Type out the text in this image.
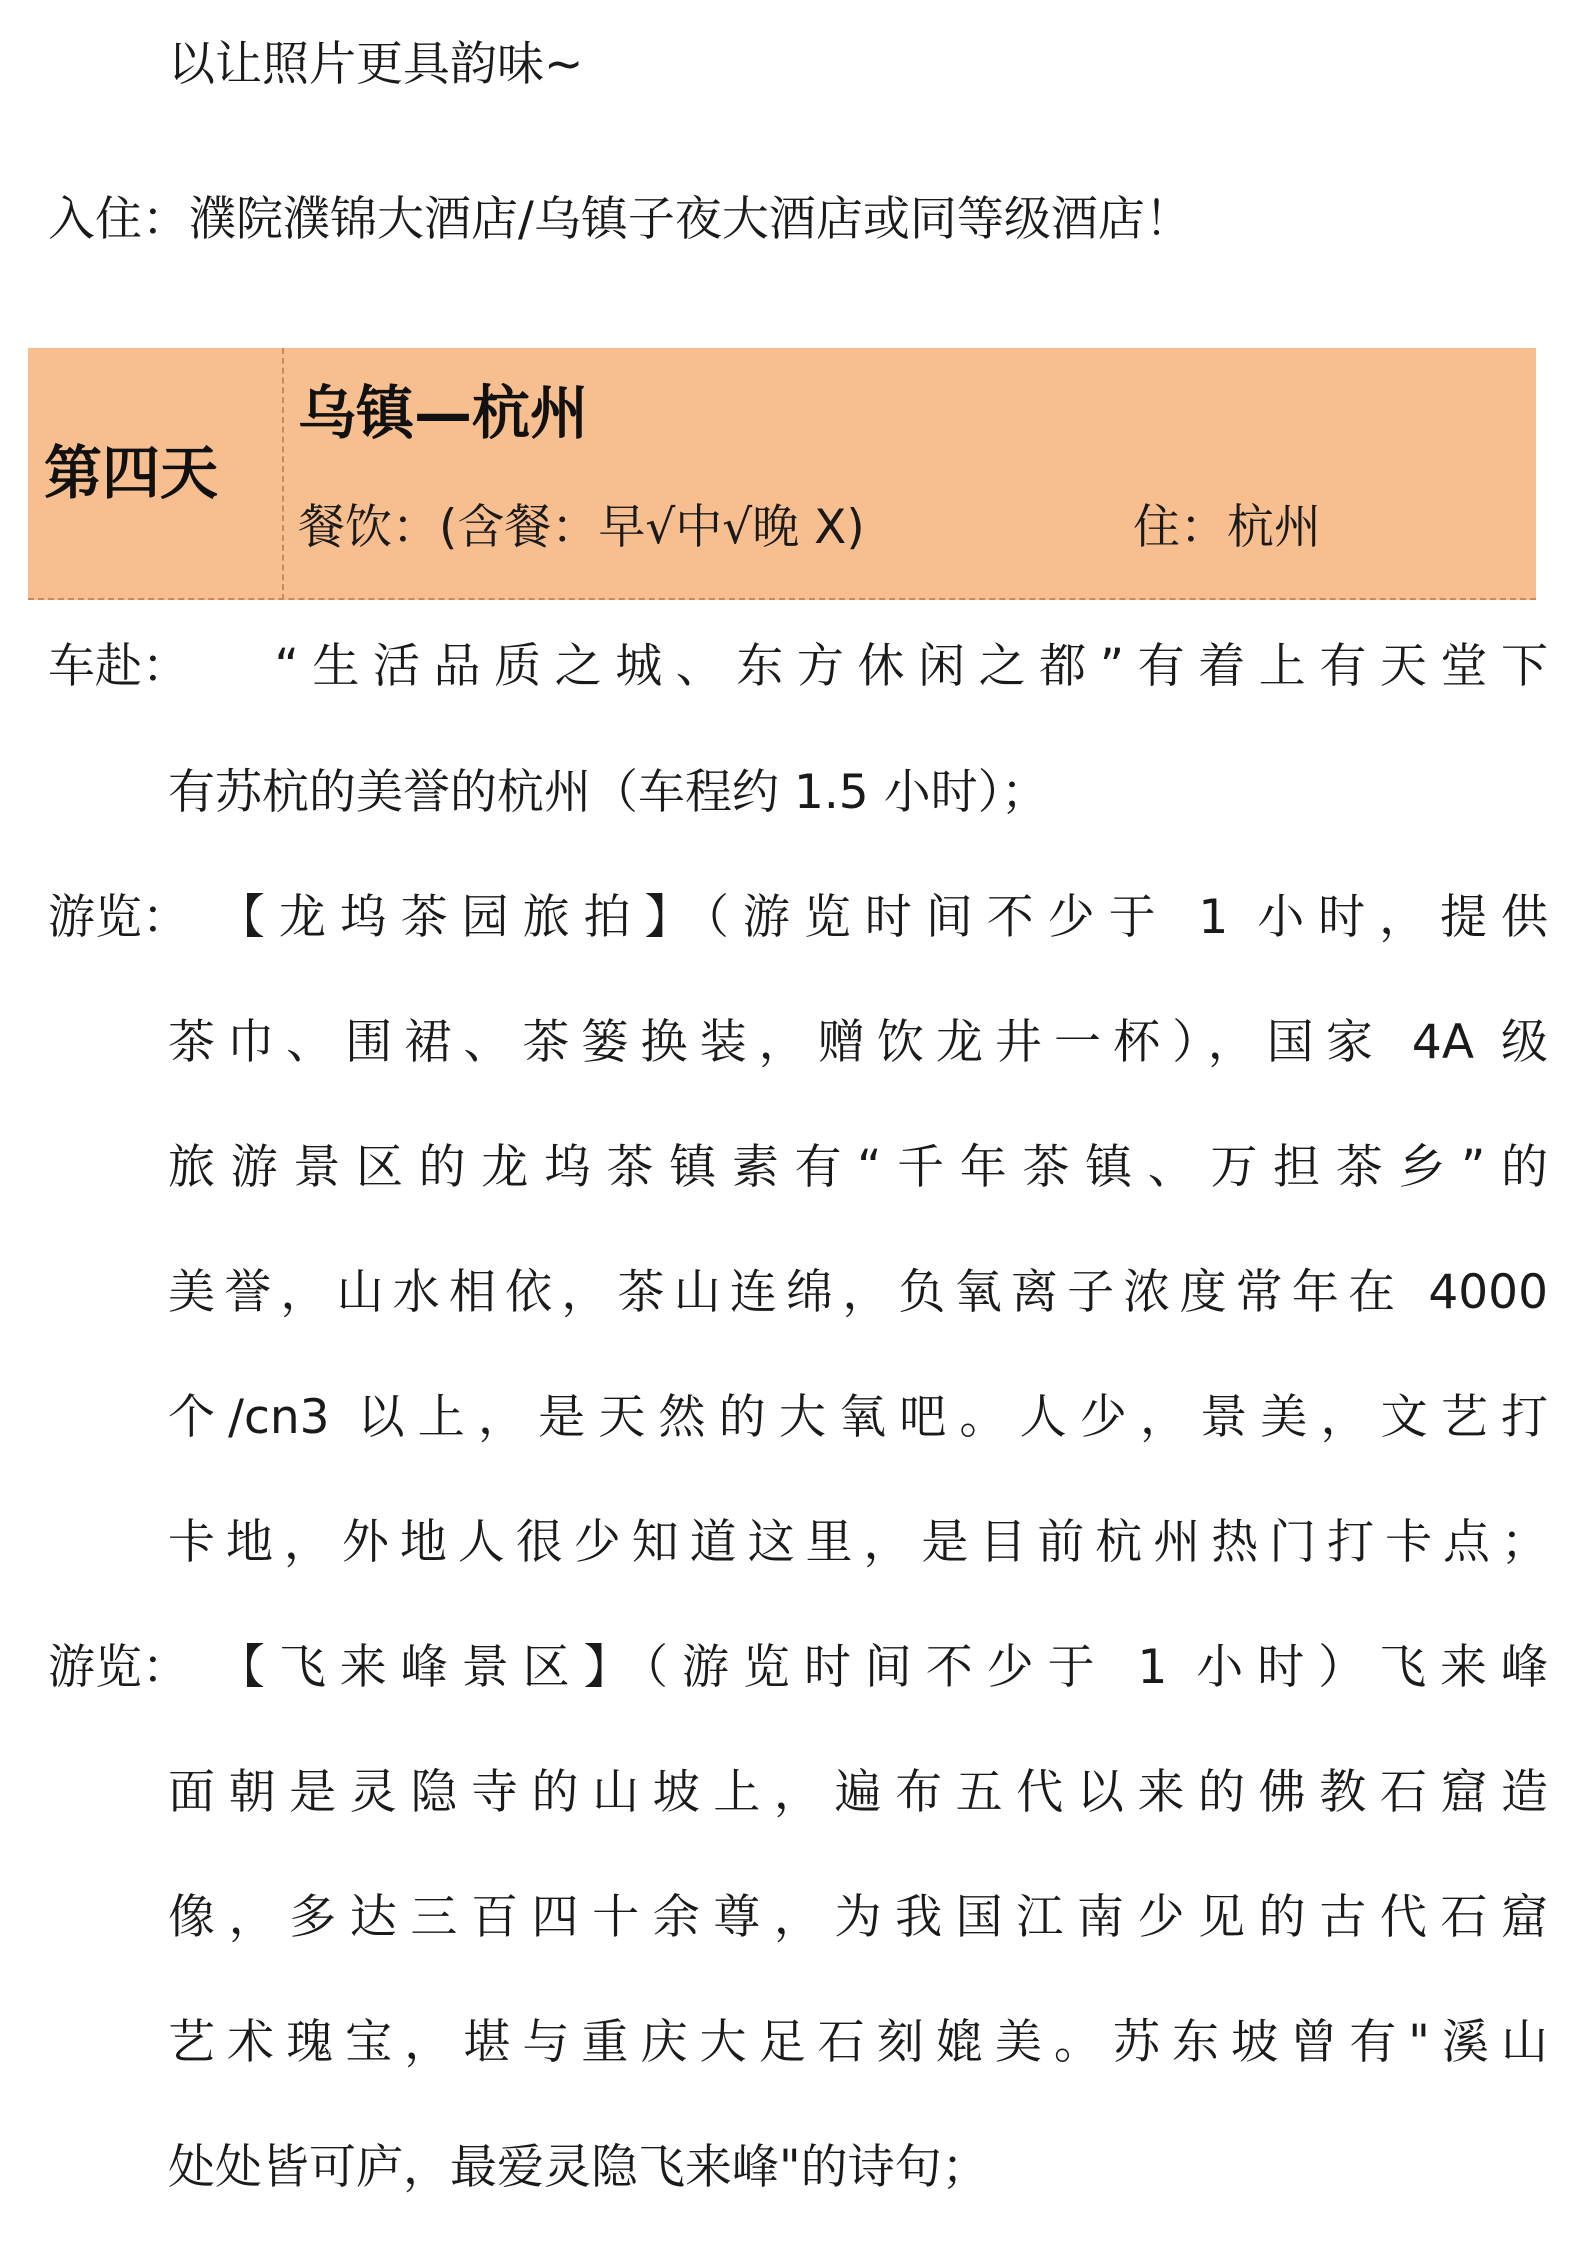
以让照片更具韵味~
入住：濮院濮锦大酒店/乌镇子夜大酒店或同等级酒店！
第四天
乌镇—杭州
餐饮：(含餐：早√中√晚 X)	住：杭州
车赴： “生活品质之城、东方休闲之都”有着上有天堂下
有苏杭的美誉的杭州（车程约 1.5 小时）；
游览： 【龙坞茶园旅拍】（游览时间不少于 1 小时，提供
茶巾、围裙、茶篓换装，赠饮龙井一杯），国家 4A 级
旅游景区的龙坞茶镇素有“千年茶镇、万担茶乡”的
美誉，山水相依，茶山连绵，负氧离子浓度常年在 4000
个/cn3 以上，是天然的大氧吧。人少，景美，文艺打
卡地，外地人很少知道这里，是目前杭州热门打卡点；
游览： 【飞来峰景区】（游览时间不少于 1 小时）飞来峰
面朝是灵隐寺的山坡上，遍布五代以来的佛教石窟造
像，多达三百四十余尊，为我国江南少见的古代石窟
艺术瑰宝，堪与重庆大足石刻媲美。苏东坡曾有"溪山
处处皆可庐，最爱灵隐飞来峰"的诗句；
